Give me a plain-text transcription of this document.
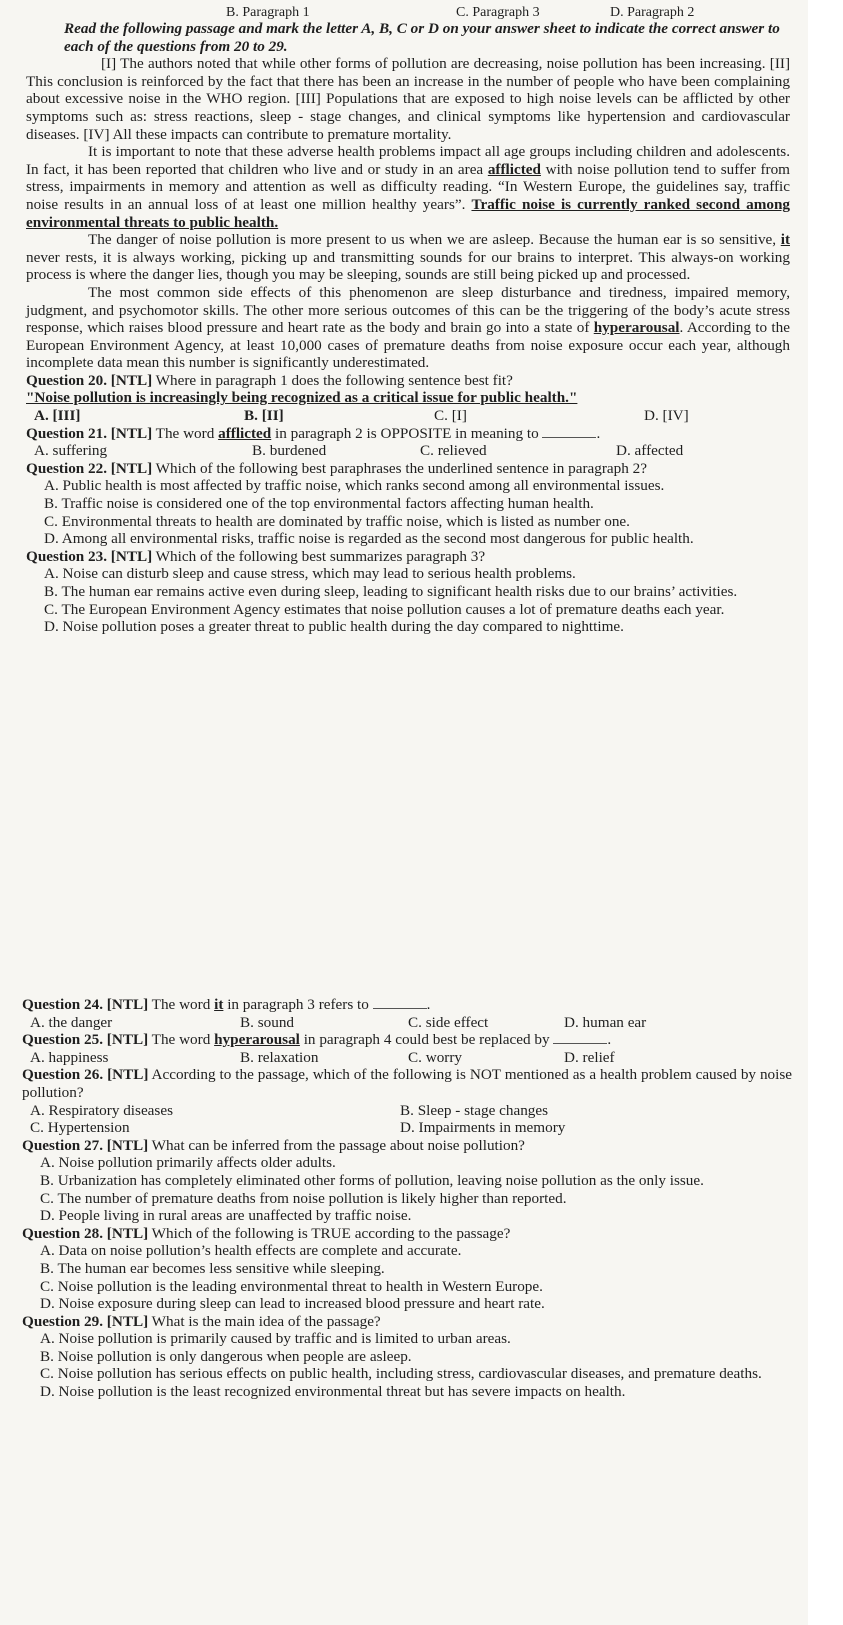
B. Paragraph 1	C. Paragraph 3	D. Paragraph 2

Read the following passage and mark the letter A, B, C or D on your answer sheet to indicate the correct answer to each of the questions from 20 to 29.

[I] The authors noted that while other forms of pollution are decreasing, noise pollution has been increasing. [II] This conclusion is reinforced by the fact that there has been an increase in the number of people who have been complaining about excessive noise in the WHO region. [III] Populations that are exposed to high noise levels can be afflicted by other symptoms such as: stress reactions, sleep - stage changes, and clinical symptoms like hypertension and cardiovascular diseases. [IV] All these impacts can contribute to premature mortality.

It is important to note that these adverse health problems impact all age groups including children and adolescents. In fact, it has been reported that children who live and or study in an area afflicted with noise pollution tend to suffer from stress, impairments in memory and attention as well as difficulty reading. “In Western Europe, the guidelines say, traffic noise results in an annual loss of at least one million healthy years”. Traffic noise is currently ranked second among environmental threats to public health.

The danger of noise pollution is more present to us when we are asleep. Because the human ear is so sensitive, it never rests, it is always working, picking up and transmitting sounds for our brains to interpret. This always-on working process is where the danger lies, though you may be sleeping, sounds are still being picked up and processed.

The most common side effects of this phenomenon are sleep disturbance and tiredness, impaired memory, judgment, and psychomotor skills. The other more serious outcomes of this can be the triggering of the body’s acute stress response, which raises blood pressure and heart rate as the body and brain go into a state of hyperarousal. According to the European Environment Agency, at least 10,000 cases of premature deaths from noise exposure occur each year, although incomplete data mean this number is significantly underestimated.

Question 20. [NTL] Where in paragraph 1 does the following sentence best fit?

"Noise pollution is increasingly being recognized as a critical issue for public health."

A. [III]	B. [II]	C. [I]	D. [IV]

Question 21. [NTL] The word afflicted in paragraph 2 is OPPOSITE in meaning to	.

A. suffering	B. burdened	C. relieved	D. affected

Question 22. [NTL] Which of the following best paraphrases the underlined sentence in paragraph 2?

A. Public health is most affected by traffic noise, which ranks second among all environmental issues.

B. Traffic noise is considered one of the top environmental factors affecting human health.

C. Environmental threats to health are dominated by traffic noise, which is listed as number one.

D. Among all environmental risks, traffic noise is regarded as the second most dangerous for public health.

Question 23. [NTL] Which of the following best summarizes paragraph 3?

A. Noise can disturb sleep and cause stress, which may lead to serious health problems.

B. The human ear remains active even during sleep, leading to significant health risks due to our brains’ activities.

C. The European Environment Agency estimates that noise pollution causes a lot of premature deaths each year.

D. Noise pollution poses a greater threat to public health during the day compared to nighttime.

Question 24. [NTL] The word it in paragraph 3 refers to	.

A. the danger	B. sound	C. side effect	D. human ear

Question 25. [NTL] The word hyperarousal in paragraph 4 could best be replaced by	.

A. happiness	B. relaxation	C. worry	D. relief

Question 26. [NTL] According to the passage, which of the following is NOT mentioned as a health problem caused by noise pollution?

A. Respiratory diseases	B. Sleep - stage changes
C. Hypertension	D. Impairments in memory

Question 27. [NTL] What can be inferred from the passage about noise pollution?

A. Noise pollution primarily affects older adults.

B. Urbanization has completely eliminated other forms of pollution, leaving noise pollution as the only issue.

C. The number of premature deaths from noise pollution is likely higher than reported.

D. People living in rural areas are unaffected by traffic noise.

Question 28. [NTL] Which of the following is TRUE according to the passage?

A. Data on noise pollution’s health effects are complete and accurate.

B. The human ear becomes less sensitive while sleeping.

C. Noise pollution is the leading environmental threat to health in Western Europe.

D. Noise exposure during sleep can lead to increased blood pressure and heart rate.

Question 29. [NTL] What is the main idea of the passage?

A. Noise pollution is primarily caused by traffic and is limited to urban areas.

B. Noise pollution is only dangerous when people are asleep.

C. Noise pollution has serious effects on public health, including stress, cardiovascular diseases, and premature deaths.

D. Noise pollution is the least recognized environmental threat but has severe impacts on health.
